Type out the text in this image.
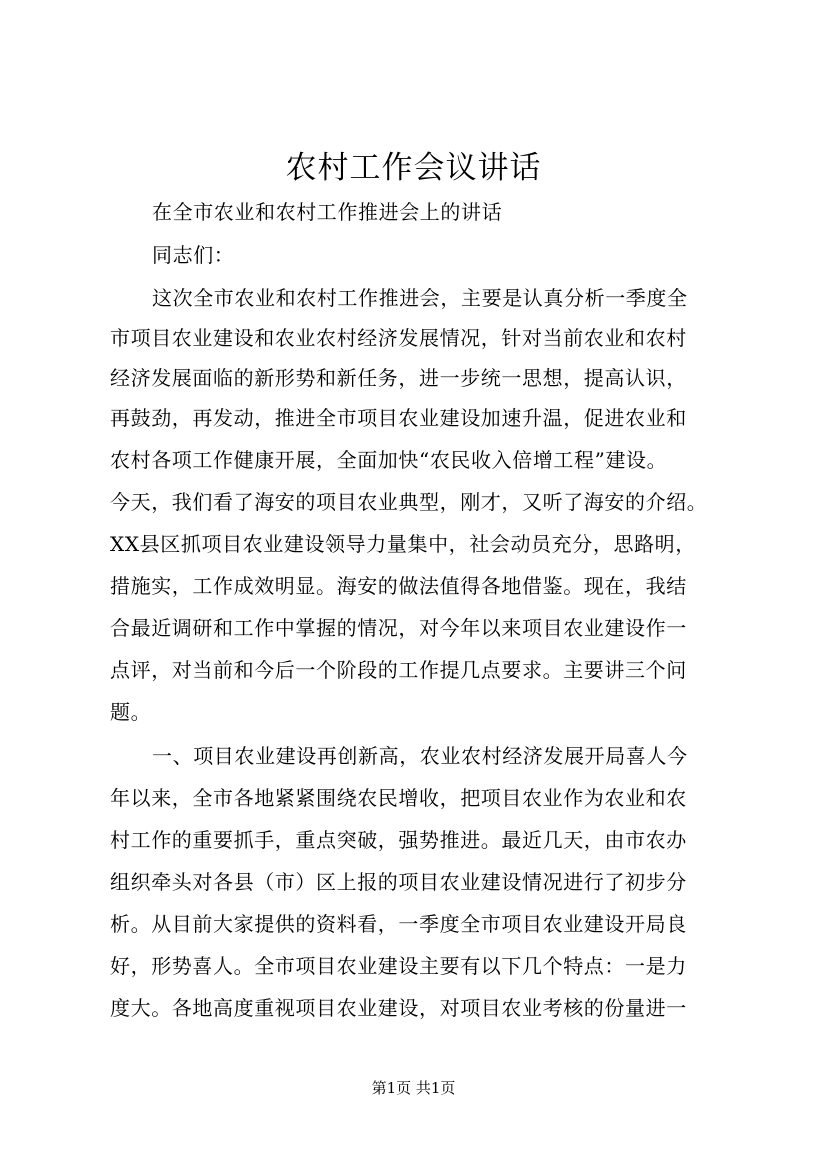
农村工作会议讲话
在全市农业和农村工作推进会上的讲话
同志们：
这次全市农业和农村工作推进会，主要是认真分析一季度全
市项目农业建设和农业农村经济发展情况，针对当前农业和农村
经济发展面临的新形势和新任务，进一步统一思想，提高认识，
再鼓劲，再发动，推进全市项目农业建设加速升温，促进农业和
农村各项工作健康开展，全面加快“农民收入倍增工程”建设。
今天，我们看了海安的项目农业典型，刚才，又听了海安的介绍。
XX县区抓项目农业建设领导力量集中，社会动员充分，思路明，
措施实，工作成效明显。海安的做法值得各地借鉴。现在，我结
合最近调研和工作中掌握的情况，对今年以来项目农业建设作一
点评，对当前和今后一个阶段的工作提几点要求。主要讲三个问
题。
一、项目农业建设再创新高，农业农村经济发展开局喜人今
年以来，全市各地紧紧围绕农民增收，把项目农业作为农业和农
村工作的重要抓手，重点突破，强势推进。最近几天，由市农办
组织牵头对各县（市）区上报的项目农业建设情况进行了初步分
析。从目前大家提供的资料看，一季度全市项目农业建设开局良
好，形势喜人。全市项目农业建设主要有以下几个特点：一是力
度大。各地高度重视项目农业建设，对项目农业考核的份量进一
第1页 共1页
